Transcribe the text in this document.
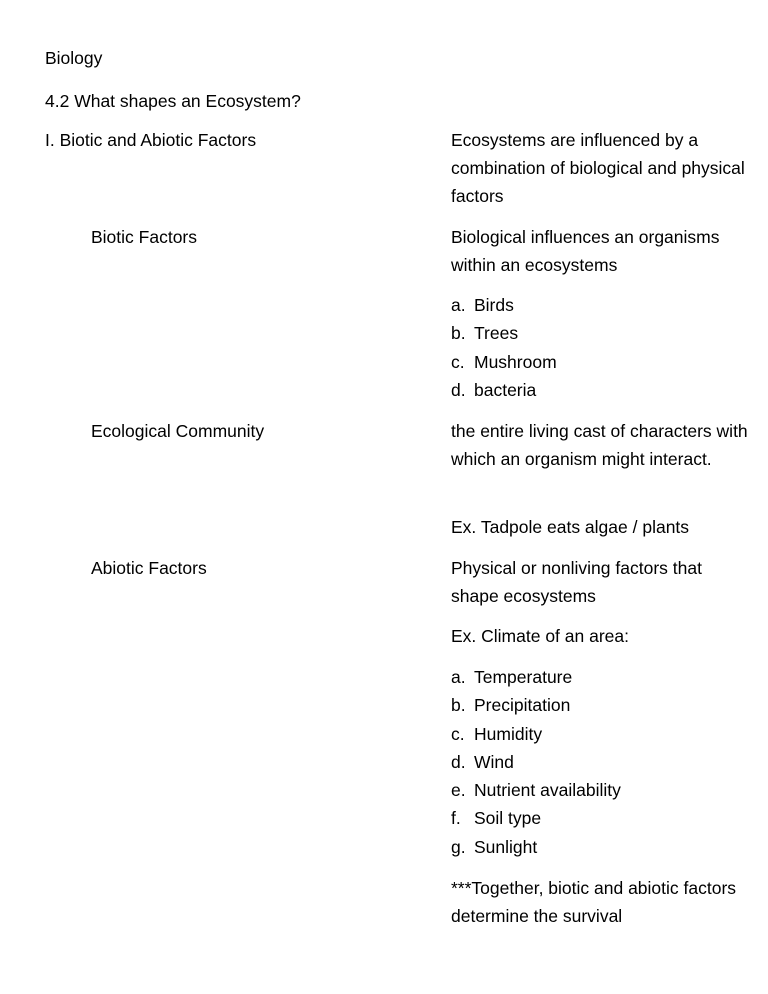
Biology
4.2 What shapes an Ecosystem?
I. Biotic and Abiotic Factors	Ecosystems are influenced by a combination of biological and physical factors

Biotic Factors	Biological influences an organisms within an ecosystems

a. Birds
b. Trees
c. Mushroom
d. bacteria
Ecological Community	the entire living cast of characters with which an organism might interact.

Ex. Tadpole eats algae / plants
Abiotic Factors	Physical or nonliving factors that shape ecosystems

Ex. Climate of an area:
a. Temperature
b. Precipitation
c. Humidity
d. Wind
e. Nutrient availability
f. Soil type
g. Sunlight

***Together, biotic and abiotic factors determine the survival
